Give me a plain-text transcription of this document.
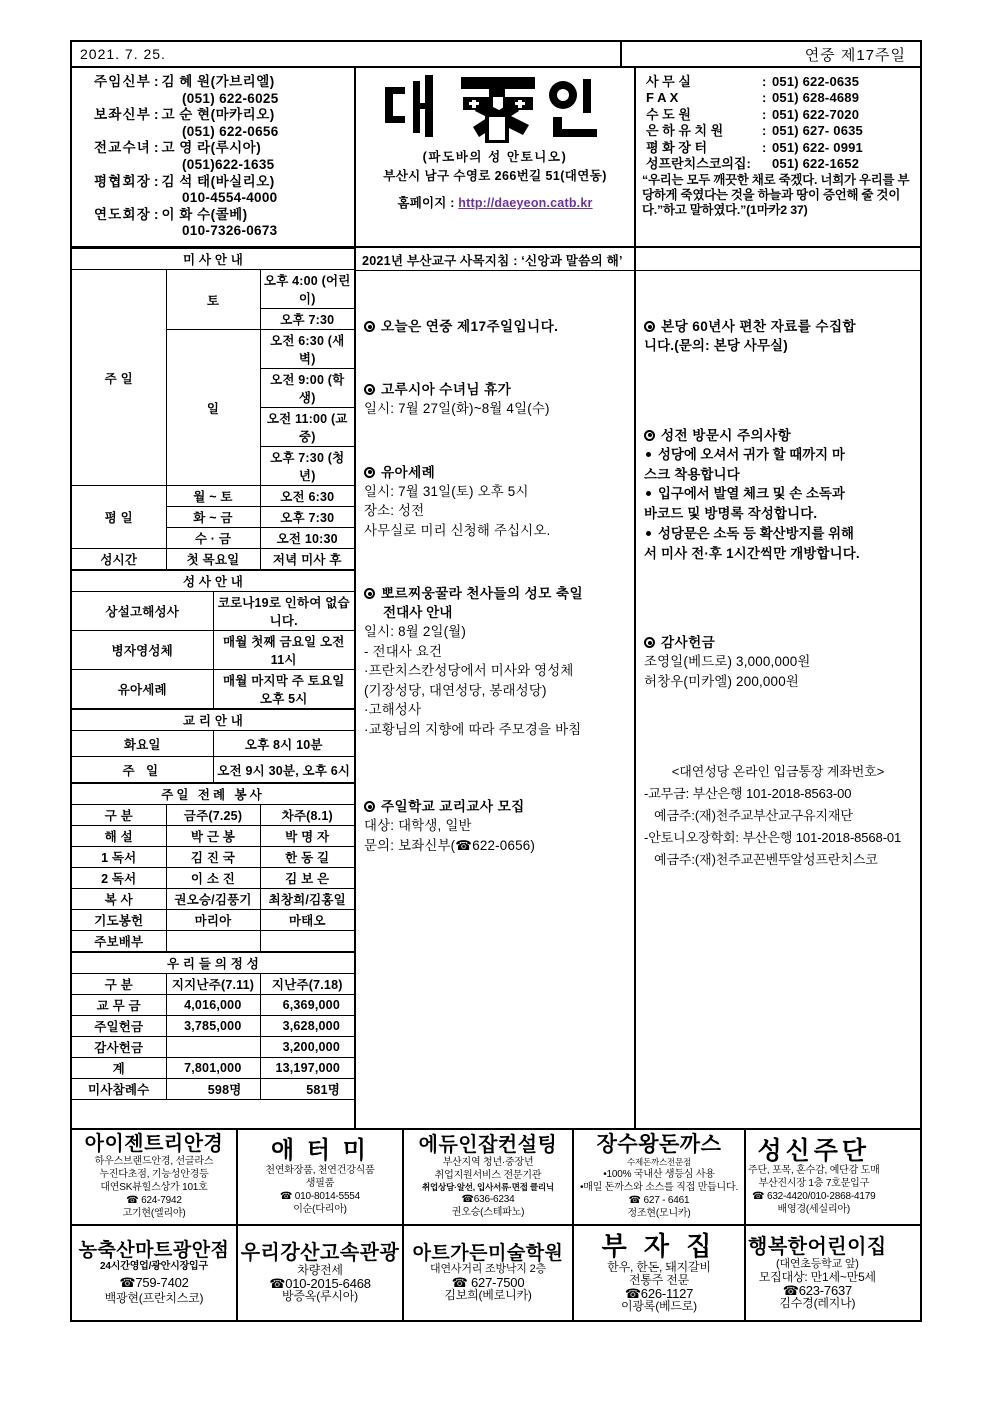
2021. 7. 25.	연중 제17주일
주임신부 : 김 혜 원(가브리엘)
(051) 622-6025
보좌신부 : 고 순 현(마카리오)
(051) 622-0656
전교수녀 : 고 영 라(루시아)
(051)622-1635
평협회장 : 김 석 태(바실리오)
010-4554-4000
연도회장 : 이 화 수(콜베)
010-7326-0673
(파도바의 성 안토니오)
부산시 남구 수영로 266번길 51(대연동)
홈페이지 : http://daeyeon.catb.kr
사 무 실	: 051) 622-0635
F A X	: 051) 628-4689
수 도 원	: 051) 622-7020
은 하 유 치 원	: 051) 627- 0635
평 화 장 터	: 051) 622- 0991
성프란치스코의집:	051) 622-1652
“우리는 모두 깨끗한 채로 죽겠다. 너희가 우리를 부당하게 죽였다는 것을 하늘과 땅이 증언해 줄 것이다.”하고 말하였다.”(1마카2 37)
미 사 안 내		
주 일	토	오후 4:00 (어린이)
		오후 7:30
	일	오전 6:30 (새벽)
		오전 9:00 (학생)
		오전 11:00 (교중)
		오후 7:30 (청년)
평 일	월 ~ 토	오전 6:30
	화 ~ 금	오후 7:30
	수 · 금	오전 10:30
성시간	첫 목요일	저녁 미사 후
성 사 안 내	
상설고해성사	코로나19로 인하여 없습니다.
병자영성체	매월 첫째 금요일 오전 11시
유아세례	매월 마지막 주 토요일 오후 5시
교 리 안 내	
화요일	오후 8시 10분
주 일	오전 9시 30분, 오후 6시
주일 전례 봉사		
구 분	금주(7.25)	차주(8.1)
해 설	박 근 봉	박 명 자
1 독서	김 진 국	한 동 길
2 독서	이 소 진	김 보 은
복 사	권오승/김풍기	최창희/김홍일
기도봉헌	마리아	마태오
주보배부		
우 리 들 의 정 성		
구 분	지지난주(7.11)	지난주(7.18)
교 무 금	4,016,000	6,369,000
주일헌금	3,785,000	3,628,000
감사헌금		3,200,000
계	7,801,000	13,197,000
미사참례수	598명	581명
2021년 부산교구 사목지침 : ‘신앙과 말씀의 해’
오늘은 연중 제17주일입니다.
고루시아 수녀님 휴가
일시: 7월 27일(화)~8월 4일(수)
유아세례
일시: 7월 31일(토) 오후 5시
장소: 성전
사무실로 미리 신청해 주십시오.
뽀르찌웅꿀라 천사들의 성모 축일
전대사 안내
일시: 8월 2일(월)
- 전대사 요건
·프란치스칸성당에서 미사와 영성체
(기장성당, 대연성당, 봉래성당)
·고해성사
·교황님의 지향에 따라 주모경을 바침
주일학교 교리교사 모집
대상: 대학생, 일반
문의: 보좌신부(☎622-0656)
본당 60년사 편찬 자료를 수집합
니다.(문의: 본당 사무실)
성전 방문시 주의사항
성당에 오셔서 귀가 할 때까지 마
스크 착용합니다
입구에서 발열 체크 및 손 소독과
바코드 및 방명록 작성합니다.
성당문은 소독 등 확산방지를 위해
서 미사 전·후 1시간씩만 개방합니다.
감사헌금
조영일(베드로) 3,000,000원
허창우(미카엘) 200,000원
<대연성당 온라인 입금통장 계좌번호>
-교무금: 부산은행 101-2018-8563-00
예금주:(재)천주교부산교구유지재단
-안토니오장학회: 부산은행 101-2018-8568-01
예금주:(재)천주교꼰벤뚜알성프란치스코
아이젠트리안경
하우스브랜드안경, 선글라스
누진다초점, 기능성안경등
대연SK뷰힐스상가 101호
☎ 624-7942
고기현(엘리야)
애 터 미
천연화장품, 천연건강식품
생필품
☎ 010-8014-5554
이순(다리아)
에듀인잡컨설팅
부산지역 청년·중장년
취업지원서비스 전문기관
취업상담·알선, 입사서류·면접 클리닉
☎636-6234
권오승(스테파노)
장수왕돈까스
수제돈까스전문점
•100% 국내산 생등심 사용
•매일 돈까스와 소스를 직접 만듭니다.
☎ 627 - 6461
정조현(모니카)
성신주단
주단, 포목, 혼수감, 예단감 도매
부산진시장 1층 7호문입구
☎ 632-4420/010-2868-4179
배영경(세실리아)
농축산마트광안점
24시간영업/광안시장입구
☎759-7402
백광현(프란치스코)
우리강산고속관광
차량전세
☎010-2015-6468
방증옥(루시아)
아트가든미술학원
대연사거리 조방낙지 2층
☎ 627-7500
김보희(베로니카)
부 자 집
한우, 한돈, 돼지갈비
전통주 전문
☎626-1127
이광록(베드로)
행복한어린이집
(대연초등학교 앞)
모집대상: 만1세~만5세
☎623-7637
김수경(레지나)
